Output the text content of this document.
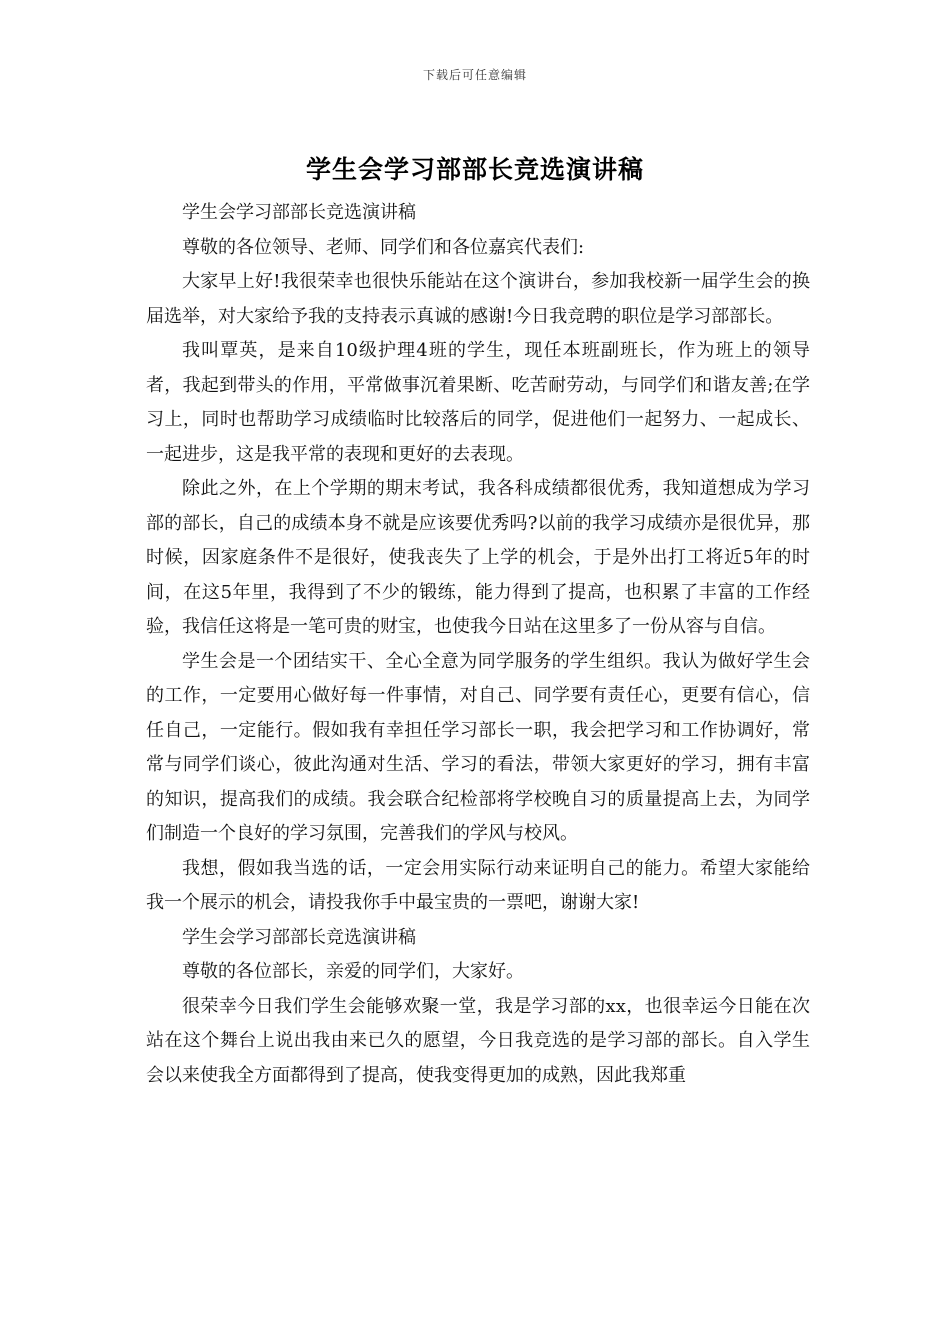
下载后可任意编辑
学生会学习部部长竞选演讲稿

学生会学习部部长竞选演讲稿

尊敬的各位领导、老师、同学们和各位嘉宾代表们:

大家早上好!我很荣幸也很快乐能站在这个演讲台，参加我校新一届学生会的换届选举，对大家给予我的支持表示真诚的感谢!今日我竞聘的职位是学习部部长。

我叫覃英，是来自10级护理4班的学生，现任本班副班长，作为班上的领导者，我起到带头的作用，平常做事沉着果断、吃苦耐劳动，与同学们和谐友善;在学习上，同时也帮助学习成绩临时比较落后的同学，促进他们一起努力、一起成长、一起进步，这是我平常的表现和更好的去表现。

除此之外，在上个学期的期末考试，我各科成绩都很优秀，我知道想成为学习部的部长，自己的成绩本身不就是应该要优秀吗?以前的我学习成绩亦是很优异，那时候，因家庭条件不是很好，使我丧失了上学的机会，于是外出打工将近5年的时间，在这5年里，我得到了不少的锻练，能力得到了提高，也积累了丰富的工作经验，我信任这将是一笔可贵的财宝，也使我今日站在这里多了一份从容与自信。

学生会是一个团结实干、全心全意为同学服务的学生组织。我认为做好学生会的工作，一定要用心做好每一件事情，对自己、同学要有责任心，更要有信心，信任自己，一定能行。假如我有幸担任学习部长一职，我会把学习和工作协调好，常常与同学们谈心，彼此沟通对生活、学习的看法，带领大家更好的学习，拥有丰富的知识，提高我们的成绩。我会联合纪检部将学校晚自习的质量提高上去，为同学们制造一个良好的学习氛围，完善我们的学风与校风。

我想，假如我当选的话，一定会用实际行动来证明自己的能力。希望大家能给我一个展示的机会，请投我你手中最宝贵的一票吧，谢谢大家!

学生会学习部部长竞选演讲稿

尊敬的各位部长，亲爱的同学们，大家好。

很荣幸今日我们学生会能够欢聚一堂，我是学习部的xx，也很幸运今日能在次站在这个舞台上说出我由来已久的愿望，今日我竞选的是学习部的部长。自入学生会以来使我全方面都得到了提高，使我变得更加的成熟，因此我郑重
